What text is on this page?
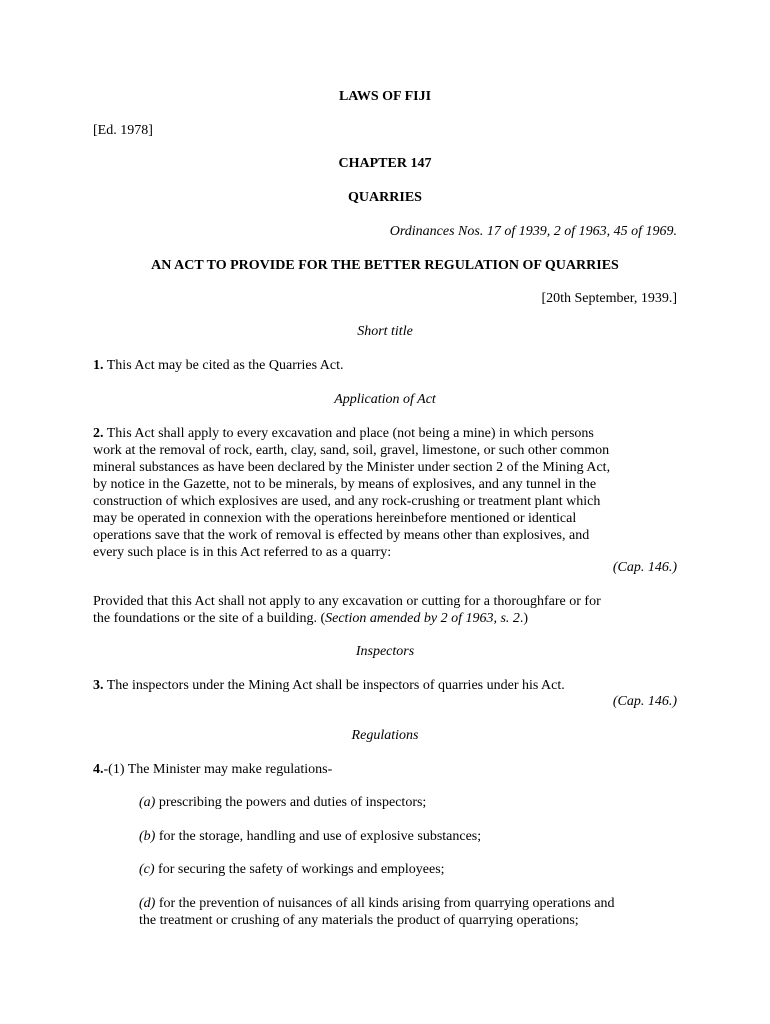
LAWS OF FIJI

[Ed. 1978]

CHAPTER 147

QUARRIES

Ordinances Nos. 17 of 1939, 2 of 1963, 45 of 1969.

AN ACT TO PROVIDE FOR THE BETTER REGULATION OF QUARRIES

[20th September, 1939.]

Short title

1. This Act may be cited as the Quarries Act.

Application of Act

2. This Act shall apply to every excavation and place (not being a mine) in which persons
work at the removal of rock, earth, clay, sand, soil, gravel, limestone, or such other common
mineral substances as have been declared by the Minister under section 2 of the Mining Act,
by notice in the Gazette, not to be minerals, by means of explosives, and any tunnel in the
construction of which explosives are used, and any rock-crushing or treatment plant which
may be operated in connexion with the operations hereinbefore mentioned or identical
operations save that the work of removal is effected by means other than explosives, and
every such place is in this Act referred to as a quarry:

(Cap. 146.)

Provided that this Act shall not apply to any excavation or cutting for a thoroughfare or for
the foundations or the site of a building. (Section amended by 2 of 1963, s. 2.)

Inspectors

3. The inspectors under the Mining Act shall be inspectors of quarries under his Act.

(Cap. 146.)

Regulations

4.-(1) The Minister may make regulations-

(a) prescribing the powers and duties of inspectors;

(b) for the storage, handling and use of explosive substances;

(c) for securing the safety of workings and employees;

(d) for the prevention of nuisances of all kinds arising from quarrying operations and
the treatment or crushing of any materials the product of quarrying operations;
